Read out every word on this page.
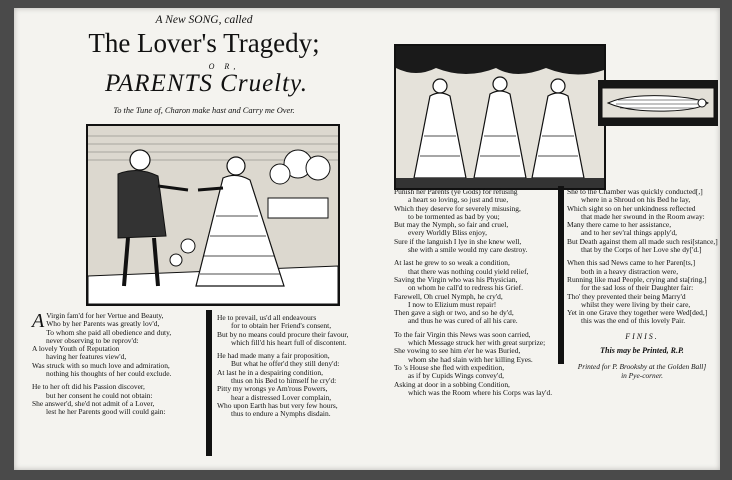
A New SONG, called
The Lover's Tragedy;
O R,
PARENTS Cruelty.
To the Tune of, Charon make hast and Carry me Over.
A Virgin fam'd for her Vertue and Beauty,
Who by her Parents was greatly lov'd,
To whom she paid all obedience and duty,
never observing to be reprov'd:
A lovely Youth of Reputation
having her features view'd,
Was struck with so much love and admiration,
nothing his thoughts of her could exclude.
He to her oft did his Passion discover,
but her consent he could not obtain:
She answer'd, she'd not admit of a Lover,
lest he her Parents good will could gain:
He to prevail, us'd all endeavours
for to obtain her Friend's consent,
But by no means could procure their favour,
which fill'd his heart full of discontent.
He had made many a fair proposition,
But what he offer'd they still deny'd:
At last he in a despairing condition,
thus on his Bed to himself he cry'd:
Pitty my wrongs ye Am'rous Powers,
hear a distressed Lover complain,
Who upon Earth has but very few hours,
thus to endure a Nymphs disdain.
Punish her Parents (ye Gods) for refusing
a heart so loving, so just and true,
Which they deserve for severely misusing,
to be tormented as bad by you;
But may the Nymph, so fair and cruel,
every Worldly Bliss enjoy,
Sure if the languish I lye in she knew well,
she with a smile would my care destroy.
At last he grew to so weak a condition,
that there was nothing could yield relief,
Saving the Virgin who was his Physician,
on whom he call'd to redress his Grief.
Farewell, Oh cruel Nymph, he cry'd,
I now to Elizium must repair!
Then gave a sigh or two, and so he dy'd,
and thus he was cured of all his care.
To the fair Virgin this News was soon carried,
which Message struck her with great surprize;
She vowing to see him e'er he was Buried,
whom she had slain with her killing Eyes.
To 's House she fled with expedition,
as if by Cupids Wings convey'd,
Asking at door in a sobbing Condition,
which was the Room where his Corps was lay'd.
She to the Chamber was quickly conducted[,]
where in a Shroud on his Bed he lay,
Which sight so on her unkindness reflected
that made her swound in the Room away:
Many there came to her assistance,
and to her sev'ral things apply'd,
But Death against them all made such resi[stance,]
that by the Corps of her Love she dy['d.]
When this sad News came to her Paren[ts,]
both in a heavy distraction were,
Running like mad People, crying and sta[ring,]
for the sad loss of their Daughter fair:
Tho' they prevented their being Marry'd
whilst they were living by their care,
Yet in one Grave they together were Wed[ded,]
this was the end of this lovely Pair.
FINIS.
This may be Printed, R.P.
Printed for P. Brooksby at the Golden Ball]
in Pye-corner.
